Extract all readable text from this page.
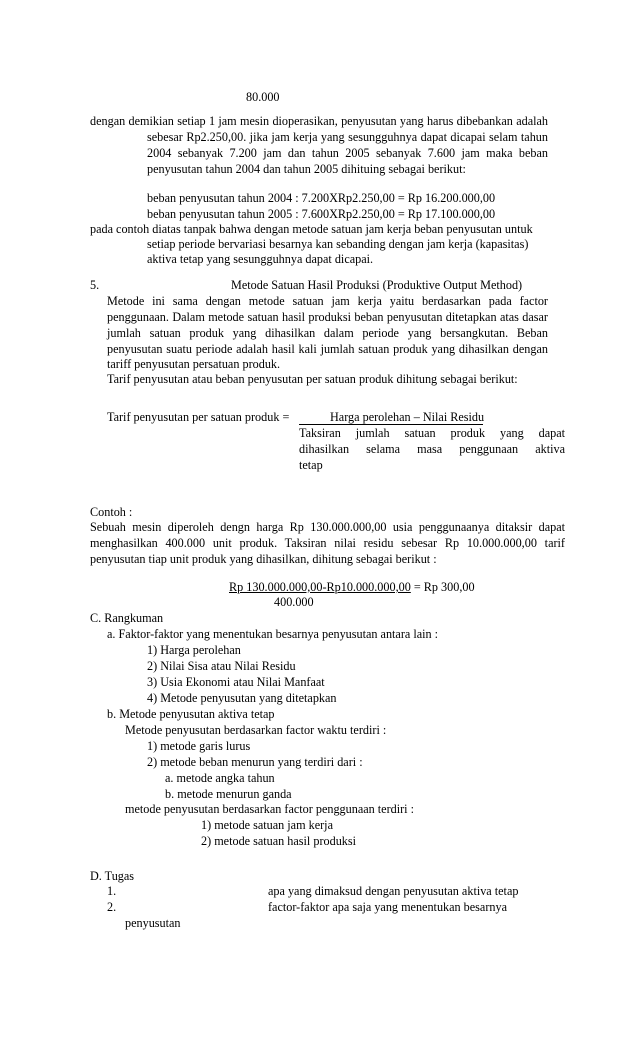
80.000
dengan demikian setiap 1 jam mesin dioperasikan, penyusutan yang harus dibebankan adalah
sebesar Rp2.250,00. jika jam kerja yang sesungguhnya dapat dicapai selam tahun
2004 sebanyak 7.200 jam dan tahun 2005 sebanyak 7.600 jam maka beban
penyusutan tahun 2004 dan tahun 2005 dihituing sebagai berikut:
beban penyusutan tahun 2004 : 7.200XRp2.250,00 = Rp 16.200.000,00
beban penyusutan tahun 2005 : 7.600XRp2.250,00 = Rp 17.100.000,00
pada contoh diatas tanpak bahwa dengan metode satuan jam kerja beban penyusutan untuk
setiap periode bervariasi besarnya kan sebanding dengan jam kerja (kapasitas)
aktiva tetap yang sesungguhnya dapat dicapai.
5.	Metode Satuan Hasil Produksi (Produktive Output Method)
Metode ini sama dengan metode satuan jam kerja yaitu berdasarkan pada factor
penggunaan. Dalam metode satuan hasil produksi beban penyusutan ditetapkan atas dasar
jumlah satuan produk yang dihasilkan dalam periode yang bersangkutan. Beban
penyusutan suatu periode adalah hasil kali jumlah satuan produk yang dihasilkan dengan
tariff penyusutan persatuan produk.
Tarif penyusutan atau beban penyusutan per satuan produk dihitung sebagai berikut:
Tarif penyusutan per satuan produk =	Harga perolehan – Nilai Residu
Taksiran jumlah satuan produk yang dapat
dihasilkan selama masa penggunaan aktiva
tetap
Contoh :
Sebuah mesin diperoleh dengn harga Rp 130.000.000,00 usia penggunaanya ditaksir dapat
menghasilkan 400.000 unit produk. Taksiran nilai residu sebesar Rp 10.000.000,00 tarif
penyusutan tiap unit produk yang dihasilkan, dihitung sebagai berikut :
Rp 130.000.000,00-Rp10.000.000,00 = Rp 300,00
400.000
C. Rangkuman
a. Faktor-faktor yang menentukan besarnya penyusutan antara lain :
1) Harga perolehan
2) Nilai Sisa atau Nilai Residu
3) Usia Ekonomi atau Nilai Manfaat
4) Metode penyusutan yang ditetapkan
b. Metode penyusutan aktiva tetap
Metode penyusutan berdasarkan factor waktu terdiri :
1) metode garis lurus
2) metode beban menurun yang terdiri dari :
a. metode angka tahun
b. metode menurun ganda
metode penyusutan berdasarkan factor penggunaan terdiri :
1) metode satuan jam kerja
2) metode satuan hasil produksi
D. Tugas
1.	apa yang dimaksud dengan penyusutan aktiva tetap
2.	factor-faktor apa saja yang menentukan besarnya
penyusutan
